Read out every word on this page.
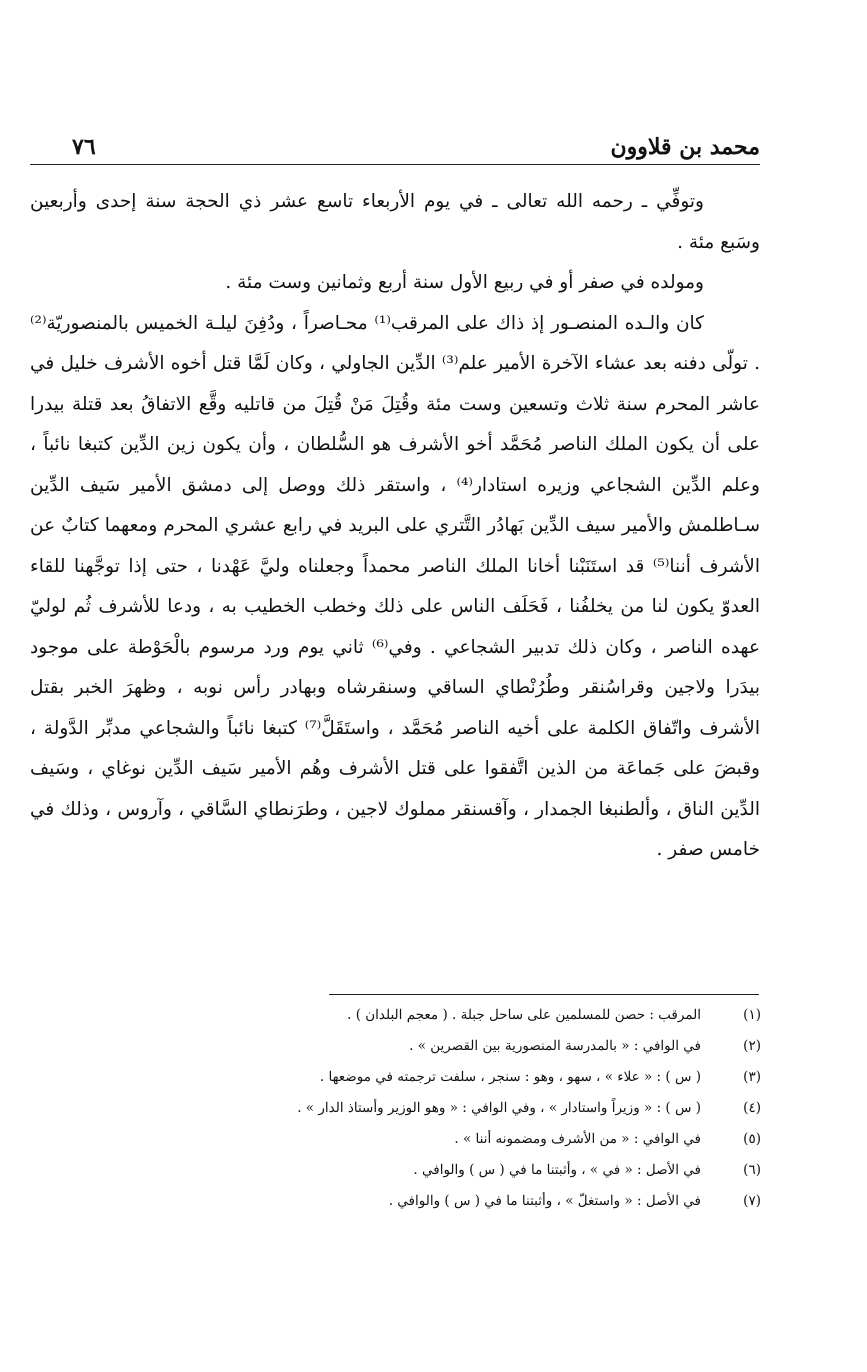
محمد بن قلاوون
٧٦

وتوفِّي ـ رحمه الله تعالى ـ في يوم الأربعاء تاسع عشر ذي الحجة سنة إحدى وأربعين وسَبع مئة .

ومولده في صفر أو في ربيع الأول سنة أربع وثمانين وست مئة .

كان والـده المنصـور إذ ذاك على المرقب⁽¹⁾ محـاصراً ، ودُفِنَ ليلـة الخميس بالمنصوريّة⁽²⁾ . تولّى دفنه بعد عشاء الآخرة الأمير علم⁽³⁾ الدِّين الجاولي ، وكان لَمَّا قتل أخوه الأشرف خليل في عاشر المحرم سنة ثلاث وتسعين وست مئة وقُتِلَ مَنْ قُتِلَ من قاتليه وقَّع الاتفاقُ بعد قتلة بيدرا على أن يكون الملك الناصر مُحَمَّد أخو الأشرف هو السُّلطان ، وأن يكون زين الدِّين كتبغا نائباً ، وعلم الدِّين الشجاعي وزيره استادار⁽⁴⁾ ، واستقر ذلك ووصل إلى دمشق الأمير سَيف الدِّين سـاطلمش والأمير سيف الدِّين بَهادُر التَّتري على البريد في رابع عشري المحرم ومعهما كتابٌ عن الأشرف أننا⁽⁵⁾ قد استَنَبْنا أخانا الملك الناصر محمداً وجعلناه وليَّ عَهْدنا ، حتى إذا توجَّهنا للقاء العدوّ يكون لنا من يخلفُنا ، فَحَلَف الناس على ذلك وخطب الخطيب به ، ودعا للأشرف ثُم لوليّ عهده الناصر ، وكان ذلك تدبير الشجاعي . وفي⁽⁶⁾ ثاني يوم ورد مرسوم بالْحَوْطة على موجود بيدَرا ولاجين وقراسُنقر وطُرُنْطاي الساقي وسنقرشاه وبهادر رأس نوبه ، وظهرَ الخبر بقتل الأشرف واتّفاق الكلمة على أخيه الناصر مُحَمَّد ، واستَقَلَّ⁽⁷⁾ كتبغا نائباً والشجاعي مدبِّر الدَّولة ، وقبضَ على جَماعَة من الذين اتَّفقوا على قتل الأشرف وهُم الأمير سَيف الدِّين نوغاي ، وسَيف الدِّين الناق ، وألطنبغا الجمدار ، وآقسنقر مملوك لاجين ، وطرَنطاي السَّاقي ، وآروس ، وذلك في خامس صفر .

(١)
المرقب : حصن للمسلمين على ساحل جبلة . ( معجم البلدان ) .
(٢)
في الوافي : « بالمدرسة المنصورية بين القصرين » .
(٣)
( س ) : « علاء » ، سهو ، وهو : سنجر ، سلفت ترجمته في موضعها .
(٤)
( س ) : « وزيراً واستادار » ، وفي الوافي : « وهو الوزير وأستاذ الدار » .
(٥)
في الوافي : « من الأشرف ومضمونه أننا » .
(٦)
في الأصل : « في » ، وأثبتنا ما في ( س ) والوافي .
(٧)
في الأصل : « واستغلّ » ، وأثبتنا ما في ( س ) والوافي .
